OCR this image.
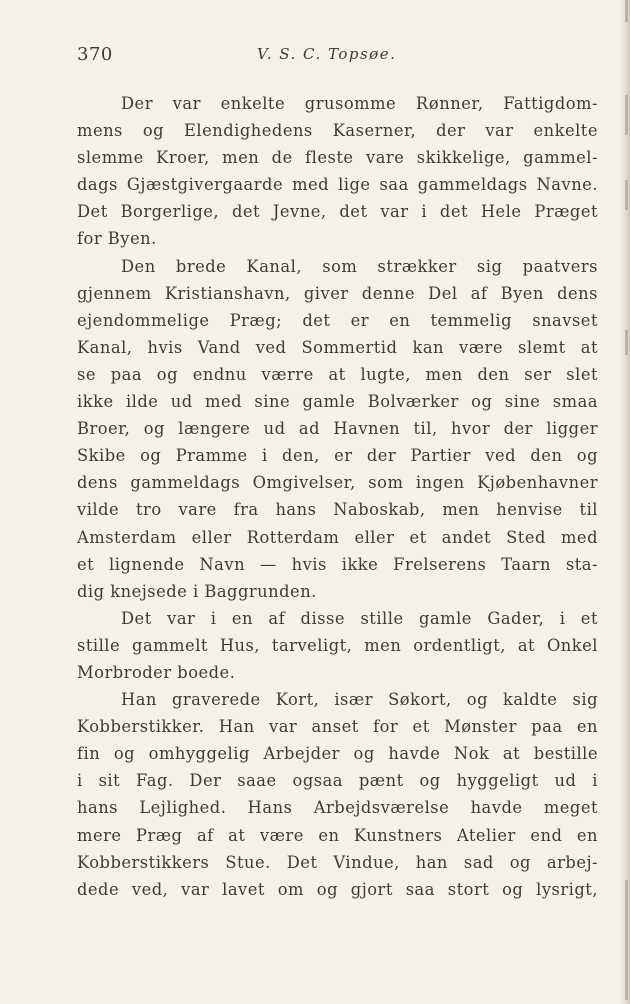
370	V. S. C. Topsøe.
Der var enkelte grusomme Rønner, Fattigdom-
mens og Elendighedens Kaserner, der var enkelte
slemme Kroer, men de fleste vare skikkelige, gammel-
dags Gjæstgivergaarde med lige saa gammeldags Navne.
Det Borgerlige, det Jevne, det var i det Hele Præget
for Byen.
Den brede Kanal, som strækker sig paatvers
gjennem Kristianshavn, giver denne Del af Byen dens
ejendommelige Præg; det er en temmelig snavset
Kanal, hvis Vand ved Sommertid kan være slemt at
se paa og endnu værre at lugte, men den ser slet
ikke ilde ud med sine gamle Bolværker og sine smaa
Broer, og længere ud ad Havnen til, hvor der ligger
Skibe og Pramme i den, er der Partier ved den og
dens gammeldags Omgivelser, som ingen Kjøbenhavner
vilde tro vare fra hans Naboskab, men henvise til
Amsterdam eller Rotterdam eller et andet Sted med
et lignende Navn — hvis ikke Frelserens Taarn sta-
dig knejsede i Baggrunden.
Det var i en af disse stille gamle Gader, i et
stille gammelt Hus, tarveligt, men ordentligt, at Onkel
Morbroder boede.
Han graverede Kort, især Søkort, og kaldte sig
Kobberstikker. Han var anset for et Mønster paa en
fin og omhyggelig Arbejder og havde Nok at bestille
i sit Fag. Der saae ogsaa pænt og hyggeligt ud i
hans Lejlighed. Hans Arbejdsværelse havde meget
mere Præg af at være en Kunstners Atelier end en
Kobberstikkers Stue. Det Vindue, han sad og arbej-
dede ved, var lavet om og gjort saa stort og lysrigt,
